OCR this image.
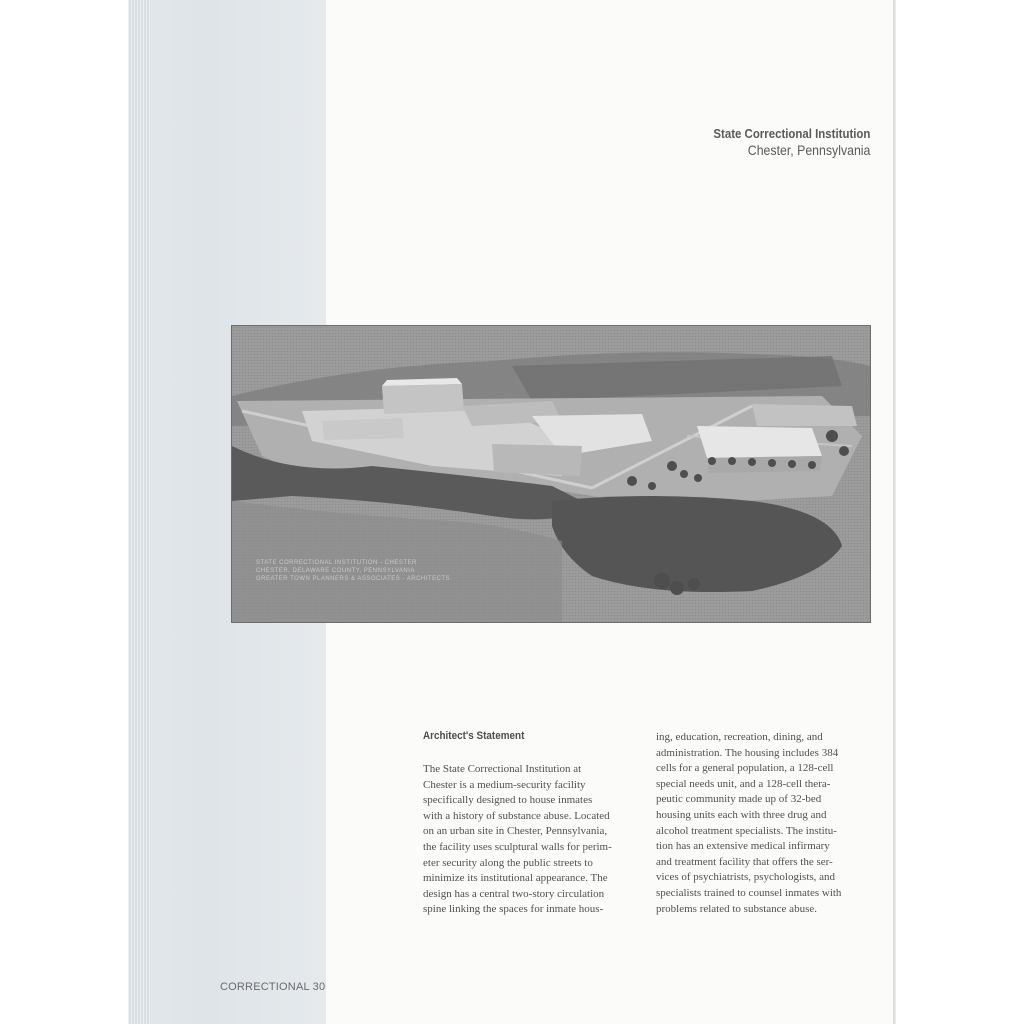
State Correctional Institution
Chester, Pennsylvania
STATE CORRECTIONAL INSTITUTION - CHESTER
CHESTER, DELAWARE COUNTY, PENNSYLVANIA
GREATER TOWN PLANNERS & ASSOCIATES - ARCHITECTS
Architect's Statement
The State Correctional Institution at
Chester is a medium-security facility
specifically designed to house inmates
with a history of substance abuse. Located
on an urban site in Chester, Pennsylvania,
the facility uses sculptural walls for perim-
eter security along the public streets to
minimize its institutional appearance. The
design has a central two-story circulation
spine linking the spaces for inmate hous-
ing, education, recreation, dining, and
administration. The housing includes 384
cells for a general population, a 128-cell
special needs unit, and a 128-cell thera-
peutic community made up of 32-bed
housing units each with three drug and
alcohol treatment specialists. The institu-
tion has an extensive medical infirmary
and treatment facility that offers the ser-
vices of psychiatrists, psychologists, and
specialists trained to counsel inmates with
problems related to substance abuse.
CORRECTIONAL 30
